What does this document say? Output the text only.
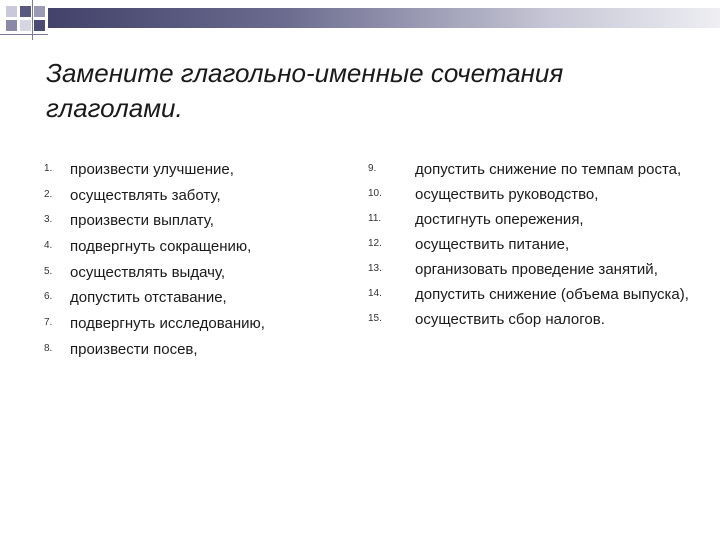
Замените глагольно-именные сочетания глаголами.
1. произвести улучшение,
2. осуществлять заботу,
3. произвести выплату,
4. подвергнуть сокращению,
5. осуществлять выдачу,
6. допустить отставание,
7. подвергнуть исследованию,
8. произвести посев,
9.	допустить снижение по темпам роста,
10. осуществить руководство,
11. достигнуть опережения,
12. осуществить питание,
13. организовать проведение занятий,
14. допустить снижение (объема выпуска),
15. осуществить сбор налогов.
